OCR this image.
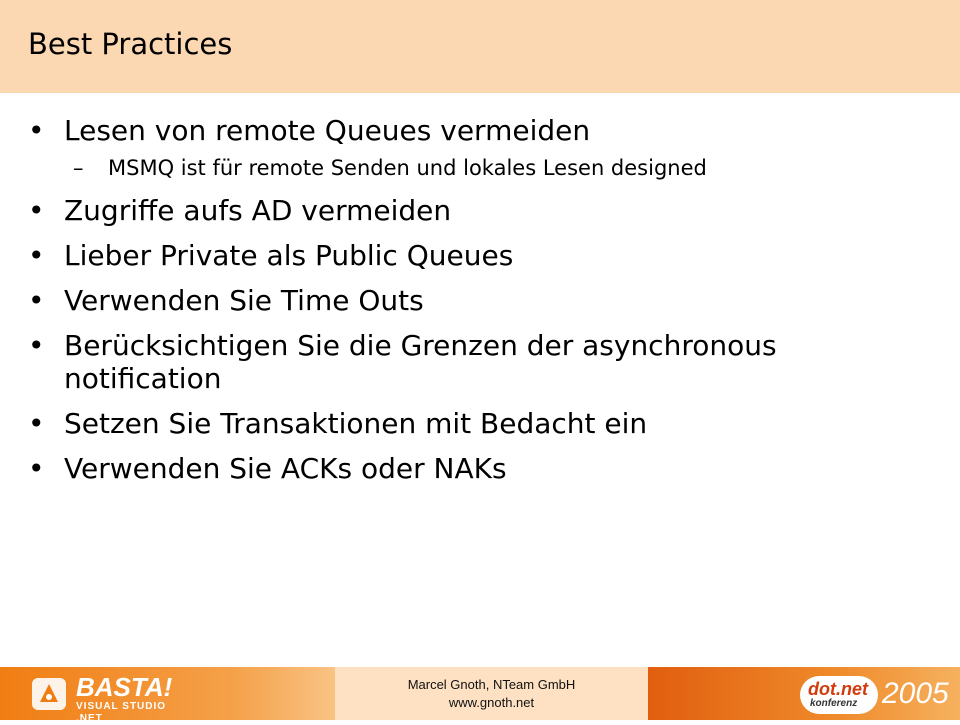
Best Practices
• Lesen von remote Queues vermeiden
– MSMQ ist für remote Senden und lokales Lesen designed
• Zugriffe aufs AD vermeiden
• Lieber Private als Public Queues
• Verwenden Sie Time Outs
• Berücksichtigen Sie die Grenzen der asynchronous notification
• Setzen Sie Transaktionen mit Bedacht ein
• Verwenden Sie ACKs oder NAKs
BASTA!
VISUAL STUDIO .NET
Marcel Gnoth, NTeam GmbH
www.gnoth.net
dot.net
konferenz 2005
